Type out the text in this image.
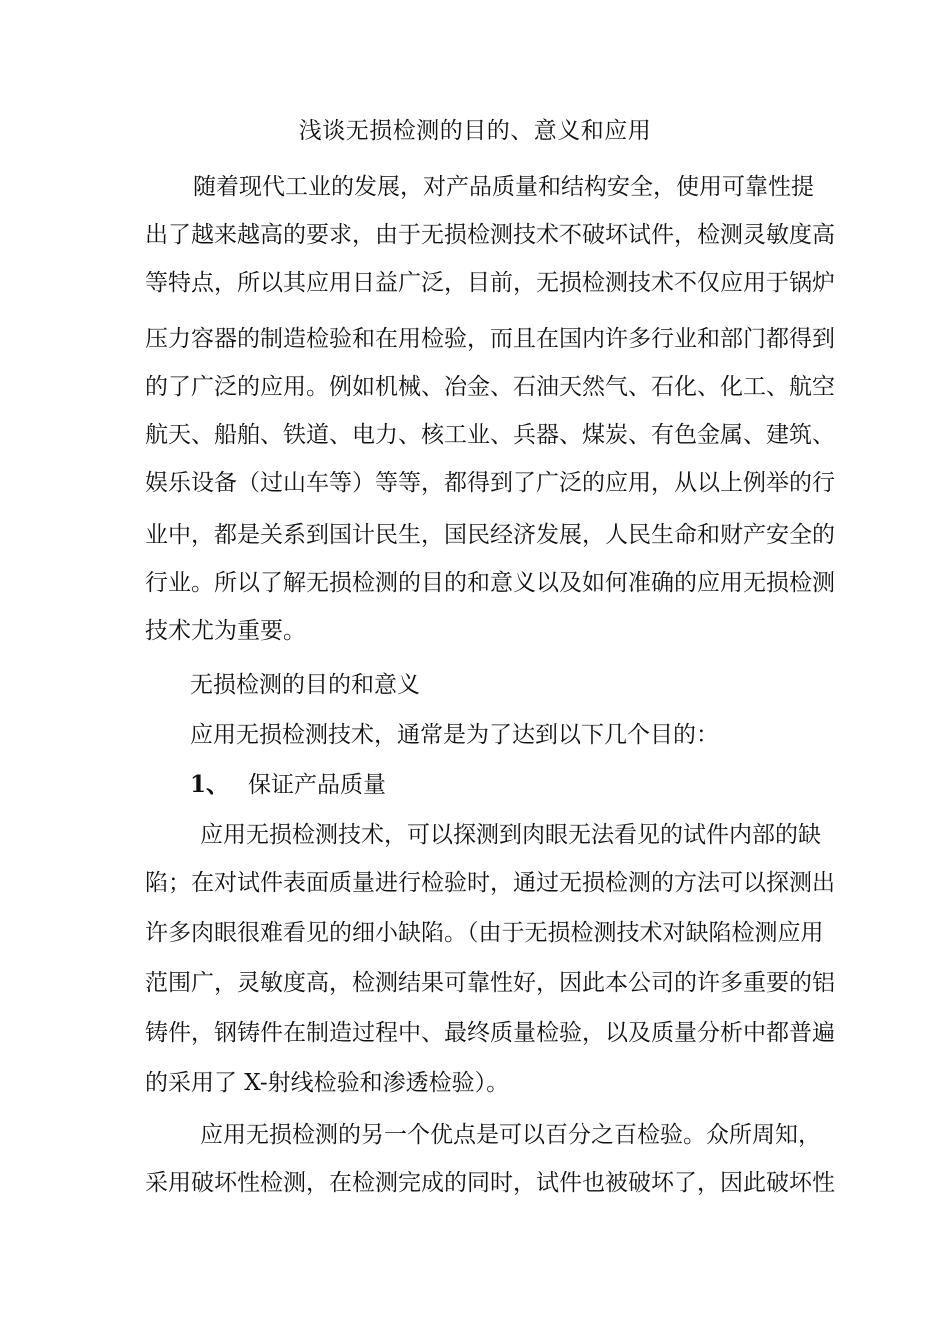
浅谈无损检测的目的、意义和应用
随着现代工业的发展，对产品质量和结构安全，使用可靠性提
出了越来越高的要求，由于无损检测技术不破坏试件，检测灵敏度高
等特点，所以其应用日益广泛，目前，无损检测技术不仅应用于锅炉
压力容器的制造检验和在用检验，而且在国内许多行业和部门都得到
的了广泛的应用。例如机械、冶金、石油天然气、石化、化工、航空
航天、船舶、铁道、电力、核工业、兵器、煤炭、有色金属、建筑、
娱乐设备（过山车等）等等，都得到了广泛的应用，从以上例举的行
业中，都是关系到国计民生，国民经济发展，人民生命和财产安全的
行业。所以了解无损检测的目的和意义以及如何准确的应用无损检测
技术尤为重要。
无损检测的目的和意义
应用无损检测技术，通常是为了达到以下几个目的：
1、 保证产品质量
应用无损检测技术，可以探测到肉眼无法看见的试件内部的缺
陷；在对试件表面质量进行检验时，通过无损检测的方法可以探测出
许多肉眼很难看见的细小缺陷。（由于无损检测技术对缺陷检测应用
范围广，灵敏度高，检测结果可靠性好，因此本公司的许多重要的铝
铸件，钢铸件在制造过程中、最终质量检验，以及质量分析中都普遍
的采用了 X-射线检验和渗透检验）。
应用无损检测的另一个优点是可以百分之百检验。众所周知，
采用破坏性检测，在检测完成的同时，试件也被破坏了，因此破坏性
